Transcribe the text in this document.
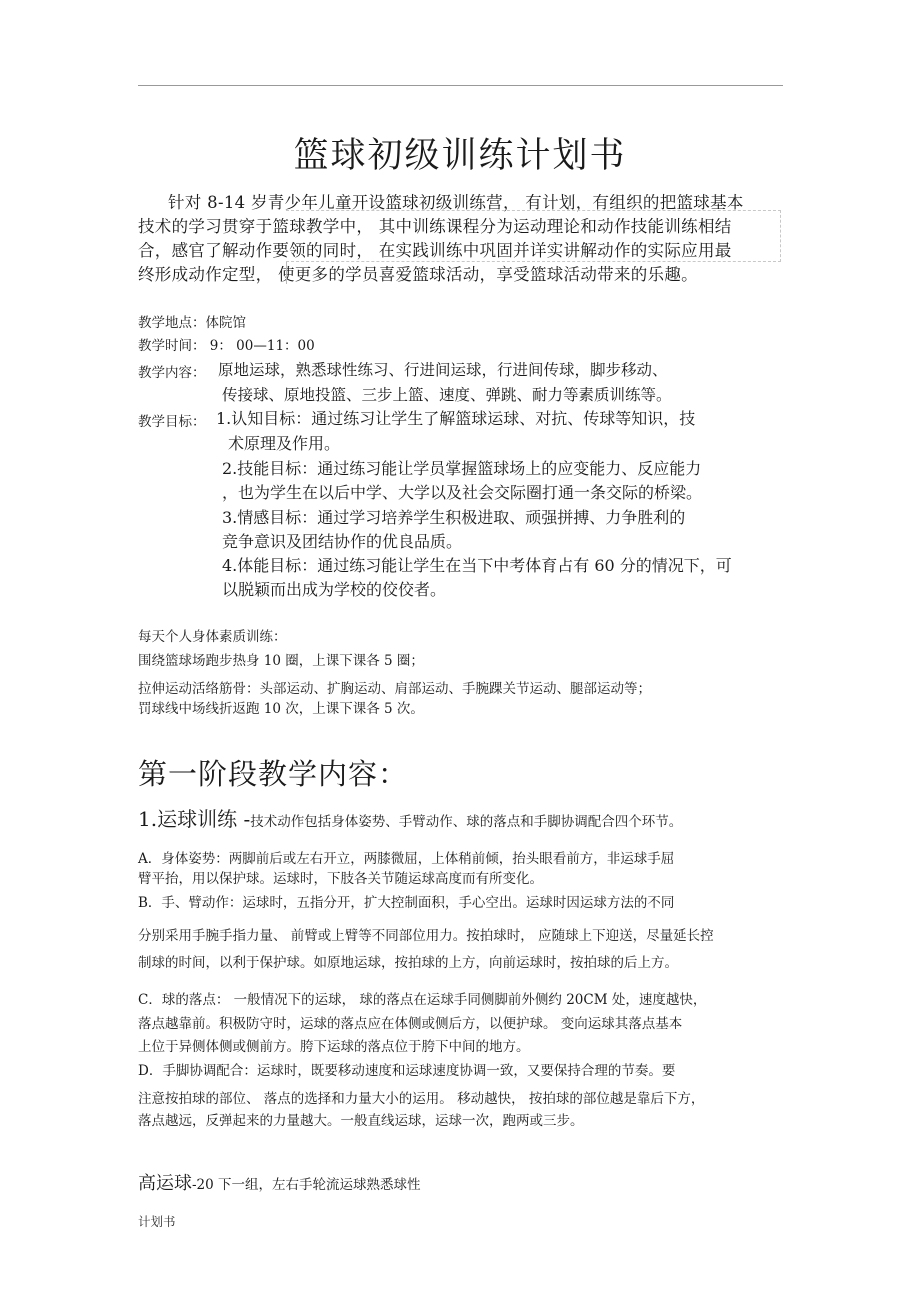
篮球初级训练计划书
针对 8-14 岁青少年儿童开设篮球初级训练营， 有计划，有组织的把篮球基本
技术的学习贯穿于篮球教学中， 其中训练课程分为运动理论和动作技能训练相结
合，感官了解动作要领的同时， 在实践训练中巩固并详实讲解动作的实际应用最
终形成动作定型， 使更多的学员喜爱篮球活动，享受篮球活动带来的乐趣。
教学地点：体院馆
教学时间： 9： 00—11：00
教学内容： 原地运球，熟悉球性练习、行进间运球，行进间传球，脚步移动、
传接球、原地投篮、三步上篮、速度、弹跳、耐力等素质训练等。
教学目标： 1.认知目标：通过练习让学生了解篮球运球、对抗、传球等知识，技
术原理及作用。
2.技能目标：通过练习能让学员掌握篮球场上的应变能力、反应能力
，也为学生在以后中学、大学以及社会交际圈打通一条交际的桥梁。
3.情感目标：通过学习培养学生积极进取、顽强拼搏、力争胜利的
竞争意识及团结协作的优良品质。
4.体能目标：通过练习能让学生在当下中考体育占有 60 分的情况下，可
以脱颖而出成为学校的佼佼者。
每天个人身体素质训练：
围绕篮球场跑步热身 10 圈，上课下课各 5 圈；
拉伸运动活络筋骨：头部运动、扩胸运动、肩部运动、手腕踝关节运动、腿部运动等；
罚球线中场线折返跑 10 次，上课下课各 5 次。
第一阶段教学内容：
1.运球训练 -技术动作包括身体姿势、手臂动作、球的落点和手脚协调配合四个环节。
A．身体姿势：两脚前后或左右开立，两膝微屈，上体稍前倾，抬头眼看前方，非运球手屈
臂平抬，用以保护球。运球时，下肢各关节随运球高度而有所变化。
B．手、臂动作：运球时，五指分开，扩大控制面积，手心空出。运球时因运球方法的不同
分别采用手腕手指力量、 前臂或上臂等不同部位用力。按拍球时， 应随球上下迎送，尽量延长控
制球的时间，以利于保护球。如原地运球，按拍球的上方，向前运球时，按拍球的后上方。
C．球的落点： 一般情况下的运球， 球的落点在运球手同侧脚前外侧约 20CM 处，速度越快，
落点越靠前。积极防守时，运球的落点应在体侧或侧后方，以便护球。 变向运球其落点基本
上位于异侧体侧或侧前方。胯下运球的落点位于胯下中间的地方。
D．手脚协调配合：运球时，既要移动速度和运球速度协调一致，又要保持合理的节奏。要
注意按拍球的部位、 落点的选择和力量大小的运用。 移动越快， 按拍球的部位越是靠后下方，
落点越远，反弹起来的力量越大。一般直线运球，运球一次，跑两或三步。
高运球-20 下一组，左右手轮流运球熟悉球性
计划书
